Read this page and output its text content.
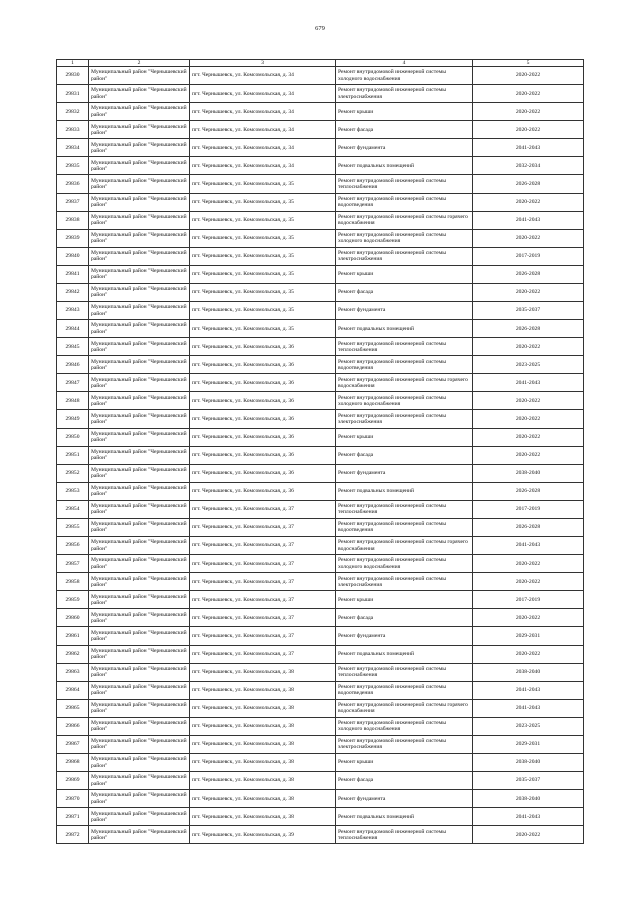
679
1	2	3	4	5
29830	Муниципальный район "Чернышевский район"	пгт. Чернышевск, ул. Комсомольская, д. 34	Ремонт внутридомовой инженерной системы холодного водоснабжения	2020-2022
29831	Муниципальный район "Чернышевский район"	пгт. Чернышевск, ул. Комсомольская, д. 34	Ремонт внутридомовой инженерной системы электроснабжения	2020-2022
29832	Муниципальный район "Чернышевский район"	пгт. Чернышевск, ул. Комсомольская, д. 34	Ремонт крыши	2020-2022
29833	Муниципальный район "Чернышевский район"	пгт. Чернышевск, ул. Комсомольская, д. 34	Ремонт фасада	2020-2022
29834	Муниципальный район "Чернышевский район"	пгт. Чернышевск, ул. Комсомольская, д. 34	Ремонт фундамента	2041-2043
29835	Муниципальный район "Чернышевский район"	пгт. Чернышевск, ул. Комсомольская, д. 34	Ремонт подвальных помещений	2032-2034
29836	Муниципальный район "Чернышевский район"	пгт. Чернышевск, ул. Комсомольская, д. 35	Ремонт внутридомовой инженерной системы теплоснабжения	2026-2028
29837	Муниципальный район "Чернышевский район"	пгт. Чернышевск, ул. Комсомольская, д. 35	Ремонт внутридомовой инженерной системы водоотведения	2020-2022
29838	Муниципальный район "Чернышевский район"	пгт. Чернышевск, ул. Комсомольская, д. 35	Ремонт внутридомовой инженерной системы горячего водоснабжения	2041-2043
29839	Муниципальный район "Чернышевский район"	пгт. Чернышевск, ул. Комсомольская, д. 35	Ремонт внутридомовой инженерной системы холодного водоснабжения	2020-2022
29840	Муниципальный район "Чернышевский район"	пгт. Чернышевск, ул. Комсомольская, д. 35	Ремонт внутридомовой инженерной системы электроснабжения	2017-2019
29841	Муниципальный район "Чернышевский район"	пгт. Чернышевск, ул. Комсомольская, д. 35	Ремонт крыши	2026-2028
29842	Муниципальный район "Чернышевский район"	пгт. Чернышевск, ул. Комсомольская, д. 35	Ремонт фасада	2020-2022
29843	Муниципальный район "Чернышевский район"	пгт. Чернышевск, ул. Комсомольская, д. 35	Ремонт фундамента	2035-2037
29844	Муниципальный район "Чернышевский район"	пгт. Чернышевск, ул. Комсомольская, д. 35	Ремонт подвальных помещений	2026-2028
29845	Муниципальный район "Чернышевский район"	пгт. Чернышевск, ул. Комсомольская, д. 36	Ремонт внутридомовой инженерной системы теплоснабжения	2020-2022
29846	Муниципальный район "Чернышевский район"	пгт. Чернышевск, ул. Комсомольская, д. 36	Ремонт внутридомовой инженерной системы водоотведения	2023-2025
29847	Муниципальный район "Чернышевский район"	пгт. Чернышевск, ул. Комсомольская, д. 36	Ремонт внутридомовой инженерной системы горячего водоснабжения	2041-2043
29848	Муниципальный район "Чернышевский район"	пгт. Чернышевск, ул. Комсомольская, д. 36	Ремонт внутридомовой инженерной системы холодного водоснабжения	2020-2022
29849	Муниципальный район "Чернышевский район"	пгт. Чернышевск, ул. Комсомольская, д. 36	Ремонт внутридомовой инженерной системы электроснабжения	2020-2022
29850	Муниципальный район "Чернышевский район"	пгт. Чернышевск, ул. Комсомольская, д. 36	Ремонт крыши	2020-2022
29851	Муниципальный район "Чернышевский район"	пгт. Чернышевск, ул. Комсомольская, д. 36	Ремонт фасада	2020-2022
29852	Муниципальный район "Чернышевский район"	пгт. Чернышевск, ул. Комсомольская, д. 36	Ремонт фундамента	2038-2040
29853	Муниципальный район "Чернышевский район"	пгт. Чернышевск, ул. Комсомольская, д. 36	Ремонт подвальных помещений	2026-2028
29854	Муниципальный район "Чернышевский район"	пгт. Чернышевск, ул. Комсомольская, д. 37	Ремонт внутридомовой инженерной системы теплоснабжения	2017-2019
29855	Муниципальный район "Чернышевский район"	пгт. Чернышевск, ул. Комсомольская, д. 37	Ремонт внутридомовой инженерной системы водоотведения	2026-2028
29856	Муниципальный район "Чернышевский район"	пгт. Чернышевск, ул. Комсомольская, д. 37	Ремонт внутридомовой инженерной системы горячего водоснабжения	2041-2043
29857	Муниципальный район "Чернышевский район"	пгт. Чернышевск, ул. Комсомольская, д. 37	Ремонт внутридомовой инженерной системы холодного водоснабжения	2020-2022
29858	Муниципальный район "Чернышевский район"	пгт. Чернышевск, ул. Комсомольская, д. 37	Ремонт внутридомовой инженерной системы электроснабжения	2020-2022
29859	Муниципальный район "Чернышевский район"	пгт. Чернышевск, ул. Комсомольская, д. 37	Ремонт крыши	2017-2019
29860	Муниципальный район "Чернышевский район"	пгт. Чернышевск, ул. Комсомольская, д. 37	Ремонт фасада	2020-2022
29861	Муниципальный район "Чернышевский район"	пгт. Чернышевск, ул. Комсомольская, д. 37	Ремонт фундамента	2029-2031
29862	Муниципальный район "Чернышевский район"	пгт. Чернышевск, ул. Комсомольская, д. 37	Ремонт подвальных помещений	2020-2022
29863	Муниципальный район "Чернышевский район"	пгт. Чернышевск, ул. Комсомольская, д. 38	Ремонт внутридомовой инженерной системы теплоснабжения	2038-2040
29864	Муниципальный район "Чернышевский район"	пгт. Чернышевск, ул. Комсомольская, д. 38	Ремонт внутридомовой инженерной системы водоотведения	2041-2043
29865	Муниципальный район "Чернышевский район"	пгт. Чернышевск, ул. Комсомольская, д. 38	Ремонт внутридомовой инженерной системы горячего водоснабжения	2041-2043
29866	Муниципальный район "Чернышевский район"	пгт. Чернышевск, ул. Комсомольская, д. 38	Ремонт внутридомовой инженерной системы холодного водоснабжения	2023-2025
29867	Муниципальный район "Чернышевский район"	пгт. Чернышевск, ул. Комсомольская, д. 38	Ремонт внутридомовой инженерной системы электроснабжения	2029-2031
29868	Муниципальный район "Чернышевский район"	пгт. Чернышевск, ул. Комсомольская, д. 38	Ремонт крыши	2038-2040
29869	Муниципальный район "Чернышевский район"	пгт. Чернышевск, ул. Комсомольская, д. 38	Ремонт фасада	2035-2037
29870	Муниципальный район "Чернышевский район"	пгт. Чернышевск, ул. Комсомольская, д. 38	Ремонт фундамента	2038-2040
29871	Муниципальный район "Чернышевский район"	пгт. Чернышевск, ул. Комсомольская, д. 38	Ремонт подвальных помещений	2041-2043
29872	Муниципальный район "Чернышевский район"	пгт. Чернышевск, ул. Комсомольская, д. 39	Ремонт внутридомовой инженерной системы теплоснабжения	2020-2022
